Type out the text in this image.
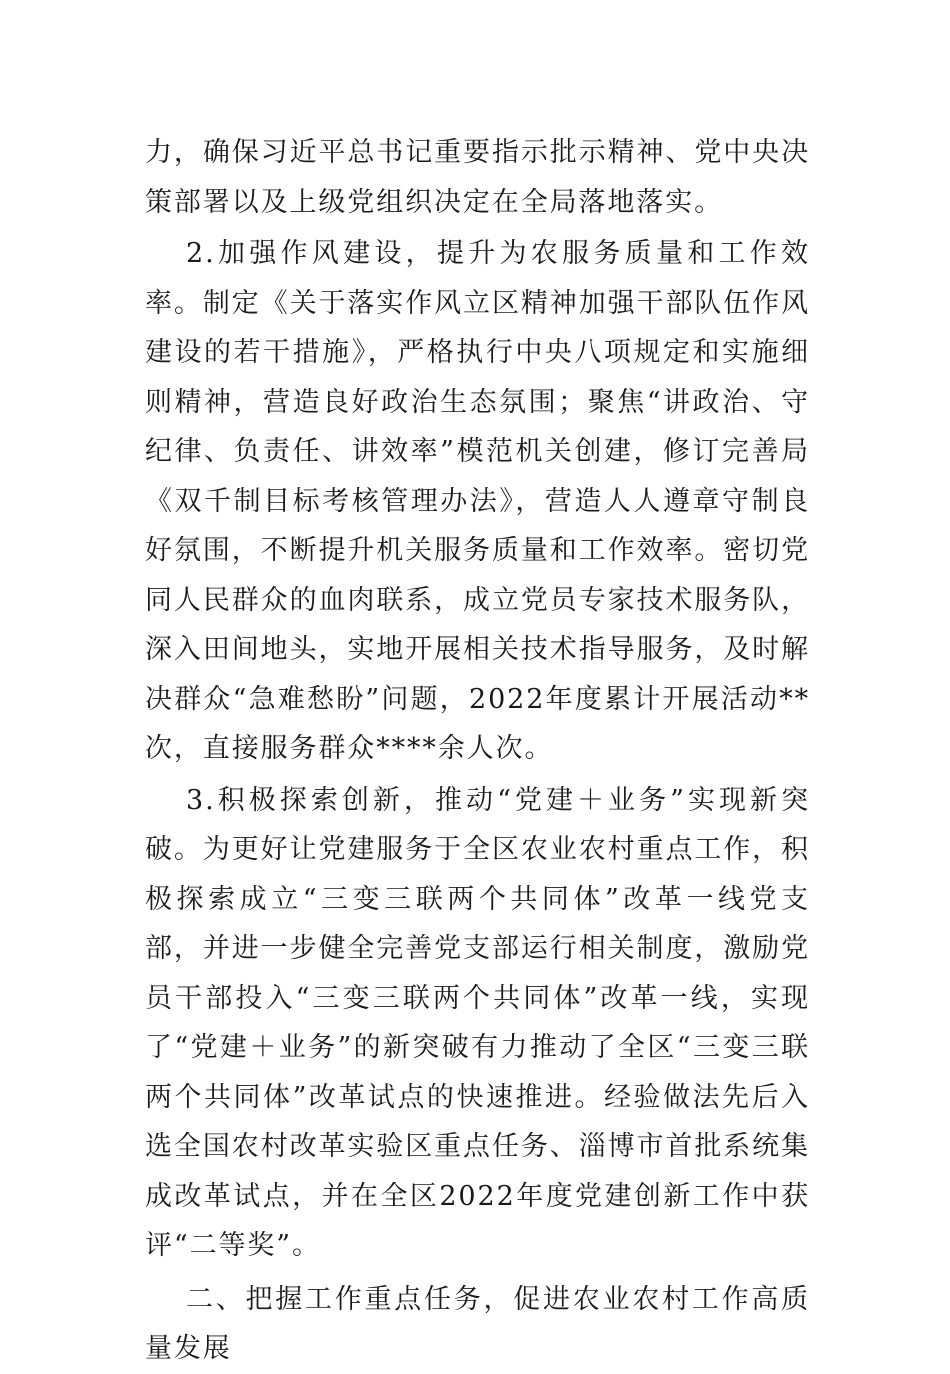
力，确保习近平总书记重要指示批示精神、党中央决策部署以及上级党组织决定在全局落地落实。

2.加强作风建设，提升为农服务质量和工作效率。制定《关于落实作风立区精神加强干部队伍作风建设的若干措施》，严格执行中央八项规定和实施细则精神，营造良好政治生态氛围；聚焦“讲政治、守纪律、负责任、讲效率”模范机关创建，修订完善局《双千制目标考核管理办法》，营造人人遵章守制良好氛围，不断提升机关服务质量和工作效率。密切党同人民群众的血肉联系，成立党员专家技术服务队，深入田间地头，实地开展相关技术指导服务，及时解决群众“急难愁盼”问题，2022年度累计开展活动**次，直接服务群众****余人次。

3.积极探索创新，推动“党建＋业务”实现新突破。为更好让党建服务于全区农业农村重点工作，积极探索成立“三变三联两个共同体”改革一线党支部，并进一步健全完善党支部运行相关制度，激励党员干部投入“三变三联两个共同体”改革一线，实现了“党建＋业务”的新突破有力推动了全区“三变三联两个共同体”改革试点的快速推进。经验做法先后入选全国农村改革实验区重点任务、淄博市首批系统集成改革试点，并在全区2022年度党建创新工作中获评“二等奖”。

二、把握工作重点任务，促进农业农村工作高质量发展
